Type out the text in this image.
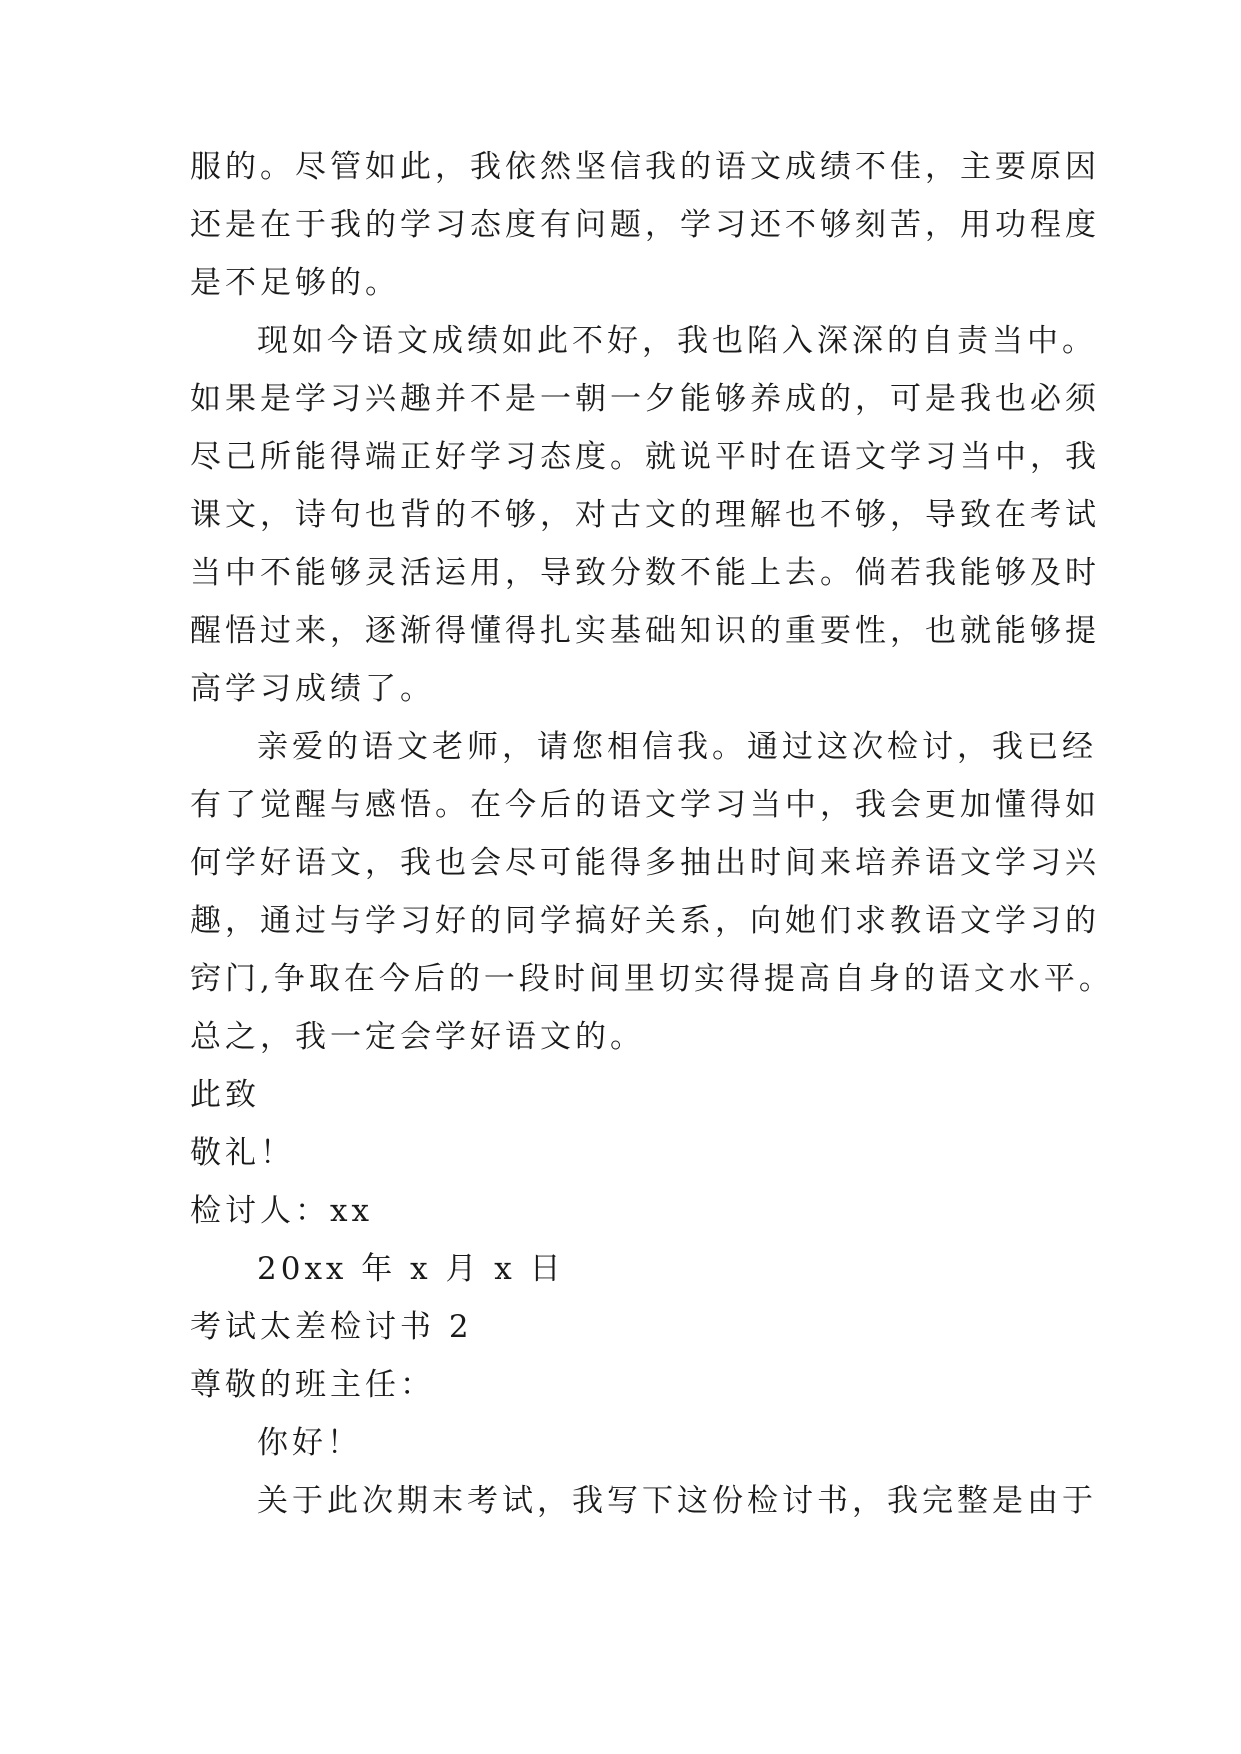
服的。尽管如此，我依然坚信我的语文成绩不佳，主要原因
还是在于我的学习态度有问题，学习还不够刻苦，用功程度
是不足够的。
现如今语文成绩如此不好，我也陷入深深的自责当中。
如果是学习兴趣并不是一朝一夕能够养成的，可是我也必须
尽己所能得端正好学习态度。就说平时在语文学习当中，我
课文，诗句也背的不够，对古文的理解也不够，导致在考试
当中不能够灵活运用，导致分数不能上去。倘若我能够及时
醒悟过来，逐渐得懂得扎实基础知识的重要性，也就能够提
高学习成绩了。
亲爱的语文老师，请您相信我。通过这次检讨，我已经
有了觉醒与感悟。在今后的语文学习当中，我会更加懂得如
何学好语文，我也会尽可能得多抽出时间来培养语文学习兴
趣，通过与学习好的同学搞好关系，向她们求教语文学习的
窍门,争取在今后的一段时间里切实得提高自身的语文水平。
总之，我一定会学好语文的。
此致
敬礼！
检讨人：xx
20xx 年 x 月 x 日
考试太差检讨书 2
尊敬的班主任：
你好！
关于此次期末考试，我写下这份检讨书，我完整是由于
